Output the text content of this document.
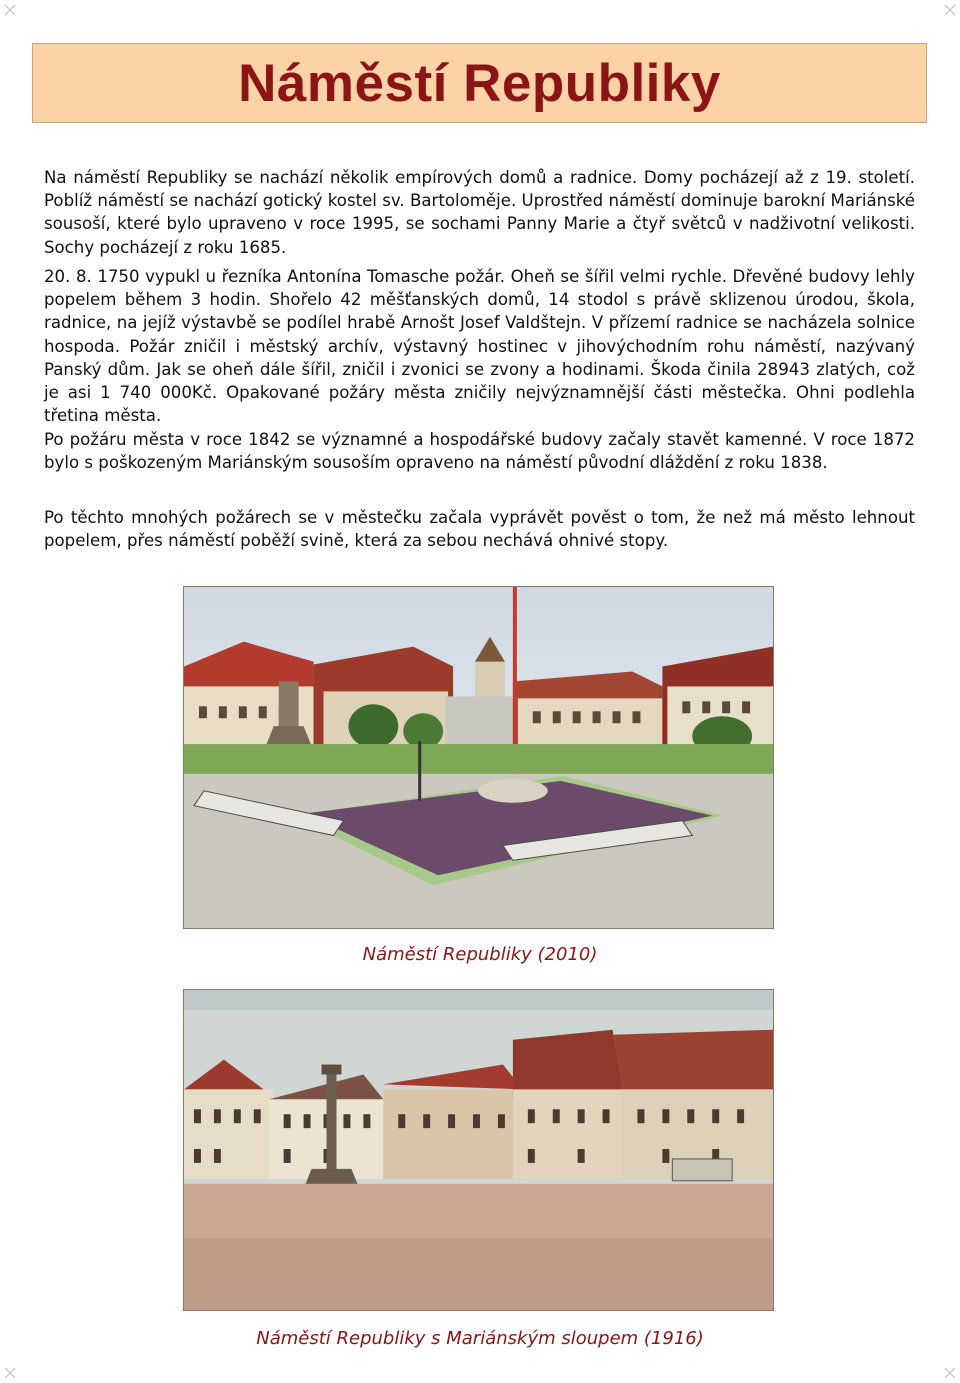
Náměstí Republiky

Na náměstí Republiky se nachází několik empírových domů a radnice. Domy pocházejí až z 19. století. Poblíž náměstí se nachází gotický kostel sv. Bartoloměje. Uprostřed náměstí dominuje barokní Mariánské sousoší, které bylo upraveno v roce 1995, se sochami Panny Marie a čtyř světců v nadživotní velikosti. Sochy pocházejí z roku 1685.

20. 8. 1750 vypukl u řezníka Antonína Tomasche požár. Oheň se šířil velmi rychle. Dřevěné budovy lehly popelem během 3 hodin. Shořelo 42 měšťanských domů, 14 stodol s právě sklizenou úrodou, škola, radnice, na jejíž výstavbě se podílel hrabě Arnošt Josef Valdštejn. V přízemí radnice se nacházela solnice hospoda. Požár zničil i městský archív, výstavný hostinec v jihovýchodním rohu náměstí, nazývaný Panský dům. Jak se oheň dále šířil, zničil i zvonici se zvony a hodinami. Škoda činila 28943 zlatých, což je asi 1 740 000Kč. Opakované požáry města zničily nejvýznamnější části městečka. Ohni podlehla třetina města.

Po požáru města v roce 1842 se významné a hospodářské budovy začaly stavět kamenné. V roce 1872 bylo s poškozeným Mariánským sousoším opraveno na náměstí původní dláždění z roku 1838.

Po těchto mnohých požárech se v městečku začala vyprávět pověst o tom, že než má město lehnout popelem, přes náměstí poběží svině, která za sebou nechává ohnivé stopy.

Náměstí Republiky (2010)
Náměstí Republiky s Mariánským sloupem (1916)
